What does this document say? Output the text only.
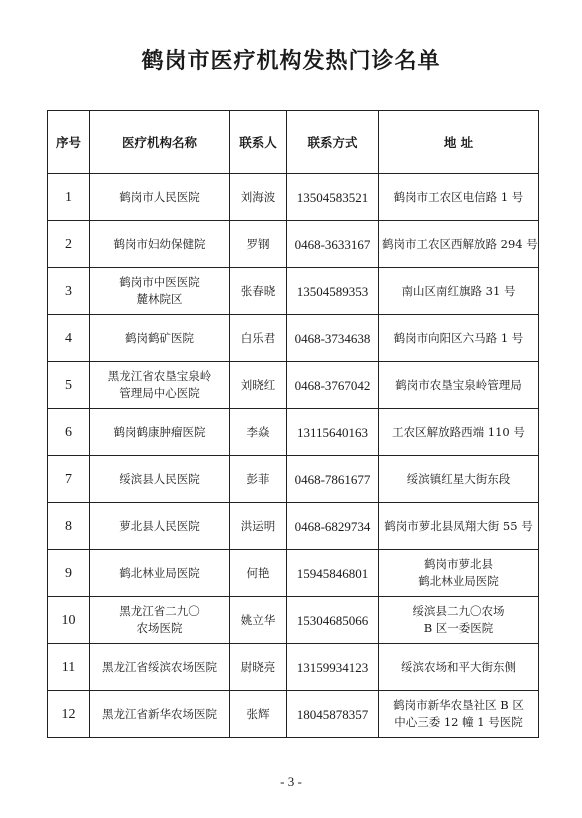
鹤岗市医疗机构发热门诊名单
序号	医疗机构名称	联系人	联系方式	地 址
1	鹤岗市人民医院	刘海波	13504583521	鹤岗市工农区电信路 1 号

2	鹤岗市妇幼保健院	罗钢	0468-3633167	鹤岗市工农区西解放路 294 号

3	鹤岗市中医医院
麓林院区	张春晓	13504589353	南山区南红旗路 31 号

4	鹤岗鹤矿医院	白乐君	0468-3734638	鹤岗市向阳区六马路 1 号

5	黑龙江省农垦宝泉岭
管理局中心医院	刘晓红	0468-3767042	鹤岗市农垦宝泉岭管理局

6	鹤岗鹤康肿瘤医院	李焱	13115640163	工农区解放路西端 110 号

7	绥滨县人民医院	彭菲	0468-7861677	绥滨镇红星大街东段

8	萝北县人民医院	洪运明	0468-6829734	鹤岗市萝北县凤翔大街 55 号

9	鹤北林业局医院	何艳	15945846801	鹤岗市萝北县
鹤北林业局医院

10	黑龙江省二九〇
农场医院	姚立华	15304685066	绥滨县二九〇农场
B 区一委医院

11	黑龙江省绥滨农场医院	尉晓亮	13159934123	绥滨农场和平大街东侧

12	黑龙江省新华农场医院	张辉	18045878357	鹤岗市新华农垦社区 B 区
中心三委 12 幢 1 号医院
- 3 -
